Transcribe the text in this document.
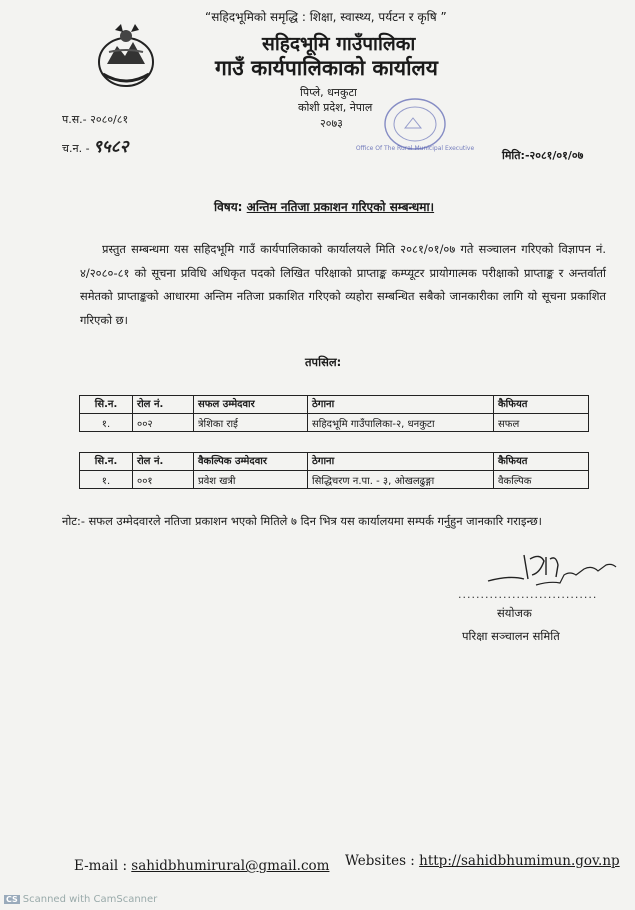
“सहिदभूमिको समृद्धि : शिक्षा, स्वास्थ्य, पर्यटन र कृषि ”
सहिदभूमि गाउँपालिका
गाउँ कार्यपालिकाको कार्यालय
पिप्ले, धनकुटा
कोशी प्रदेश, नेपाल
२०७३
Office Of The Rural Municipal Executive
प.स.- २०८०/८१
च.न. - ९५८२	मिति:-२०८१/०१/०७
विषय: अन्तिम नतिजा प्रकाशन गरिएको सम्बन्धमा।
प्रस्तुत सम्बन्धमा यस सहिदभूमि गाउँ कार्यपालिकाको कार्यालयले मिति २०८१/०१/०७ गते सञ्चालन गरिएको विज्ञापन नं. ४/२०८०-८१ को सूचना प्रविधि अधिकृत पदको लिखित परिक्षाको प्राप्ताङ्क कम्प्यूटर प्रायोगात्मक परीक्षाको प्राप्ताङ्क र अन्तर्वार्ता समेतको प्राप्ताङ्कको आधारमा अन्तिम नतिजा प्रकाशित गरिएको व्यहोरा सम्बन्धित सबैको जानकारीका लागि यो सूचना प्रकाशित गरिएको छ।
तपसिल:
सि.न.	रोल नं.	सफल उम्मेदवार	ठेगाना	कैफियत
१.	००२	त्रेशिका राई	सहिदभूमि गाउँपालिका-२, धनकुटा	सफल
सि.न.	रोल नं.	वैकल्पिक उम्मेदवार	ठेगाना	कैफियत
१.	००१	प्रवेश खत्री	सिद्धिचरण न.पा. - ३, ओखलढुङ्गा	वैकल्पिक
नोट:- सफल उम्मेदवारले नतिजा प्रकाशन भएको मितिले ७ दिन भित्र यस कार्यालयमा सम्पर्क गर्नुहुन जानकारि गराइन्छ।
...............................
संयोजक
परिक्षा सञ्चालन समिति
E-mail : sahidbhumirural@gmail.com Websites : http://sahidbhumimun.gov.np
CS Scanned with CamScanner
